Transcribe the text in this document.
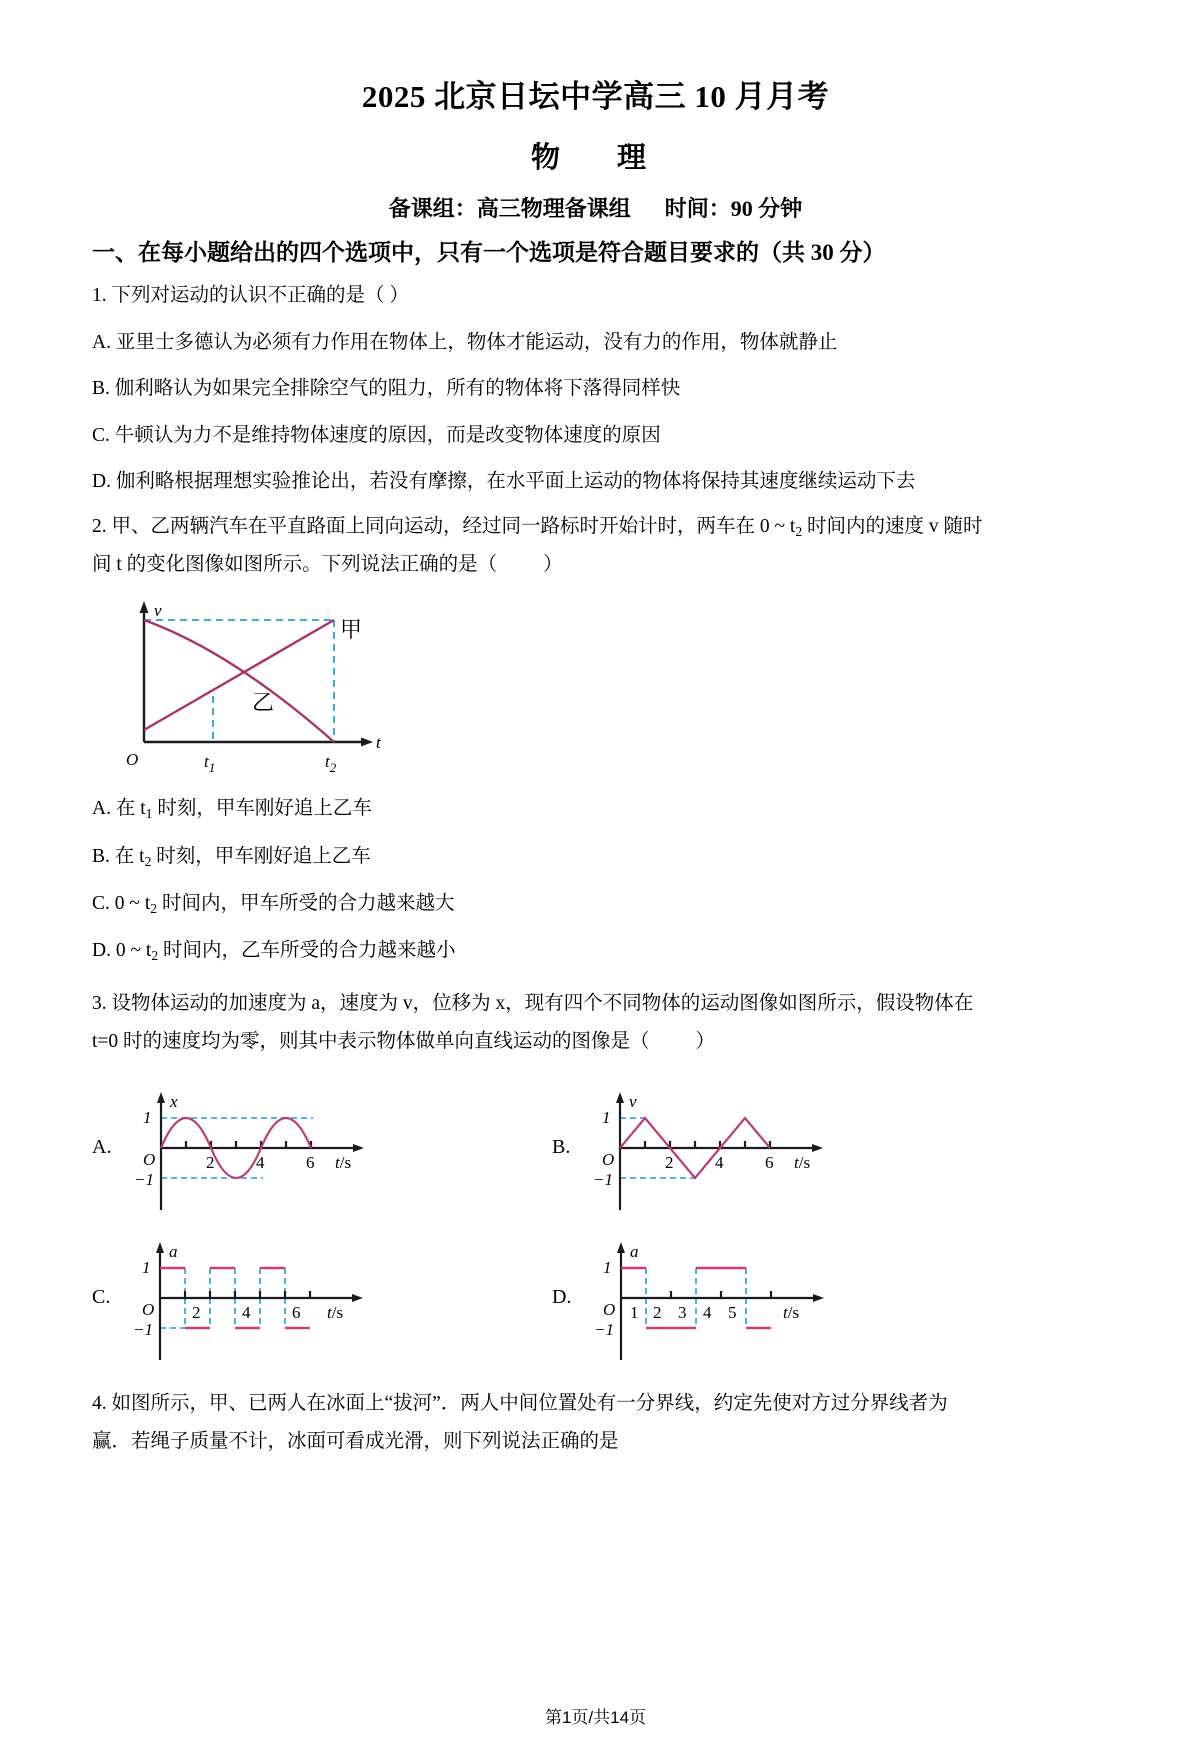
2025 北京日坛中学高三 10 月月考
物　理
备课组：高三物理备课组 时间：90 分钟
一、在每小题给出的四个选项中，只有一个选项是符合题目要求的（共 30 分）
1. 下列对运动的认识不正确的是（ ）
A. 亚里士多德认为必须有力作用在物体上，物体才能运动，没有力的作用，物体就静止
B. 伽利略认为如果完全排除空气的阻力，所有的物体将下落得同样快
C. 牛顿认为力不是维持物体速度的原因，而是改变物体速度的原因
D. 伽利略根据理想实验推论出，若没有摩擦，在水平面上运动的物体将保持其速度继续运动下去
2. 甲、乙两辆汽车在平直路面上同向运动，经过同一路标时开始计时，两车在 0 ~ $t_2$ 时间内的速度 v 随时
间 t 的变化图像如图所示。下列说法正确的是（ ）
v
t
O	$t_1$	$t_2$
甲
乙
A. 在 $t_1$ 时刻，甲车刚好追上乙车
B. 在 $t_2$ 时刻，甲车刚好追上乙车
C. 0 ~ $t_2$ 时间内，甲车所受的合力越来越大
D. 0 ~ $t_2$ 时间内，乙车所受的合力越来越小
3. 设物体运动的加速度为 a，速度为 v，位移为 x，现有四个不同物体的运动图像如图所示，假设物体在
t=0 时的速度均为零，则其中表示物体做单向直线运动的图像是（ ）
A.
x
1
−1
O	2 4 6 t/s
B.
v
1
−1
O	2 4 6 t/s
C.
a
1
−1
O 2 4 6 t/s
D.
a
1
−1
O 1 2 3 4 5	t/s
4. 如图所示，甲、已两人在冰面上“拔河”．两人中间位置处有一分界线，约定先使对方过分界线者为
赢．若绳子质量不计，冰面可看成光滑，则下列说法正确的是
第1页/共14页
